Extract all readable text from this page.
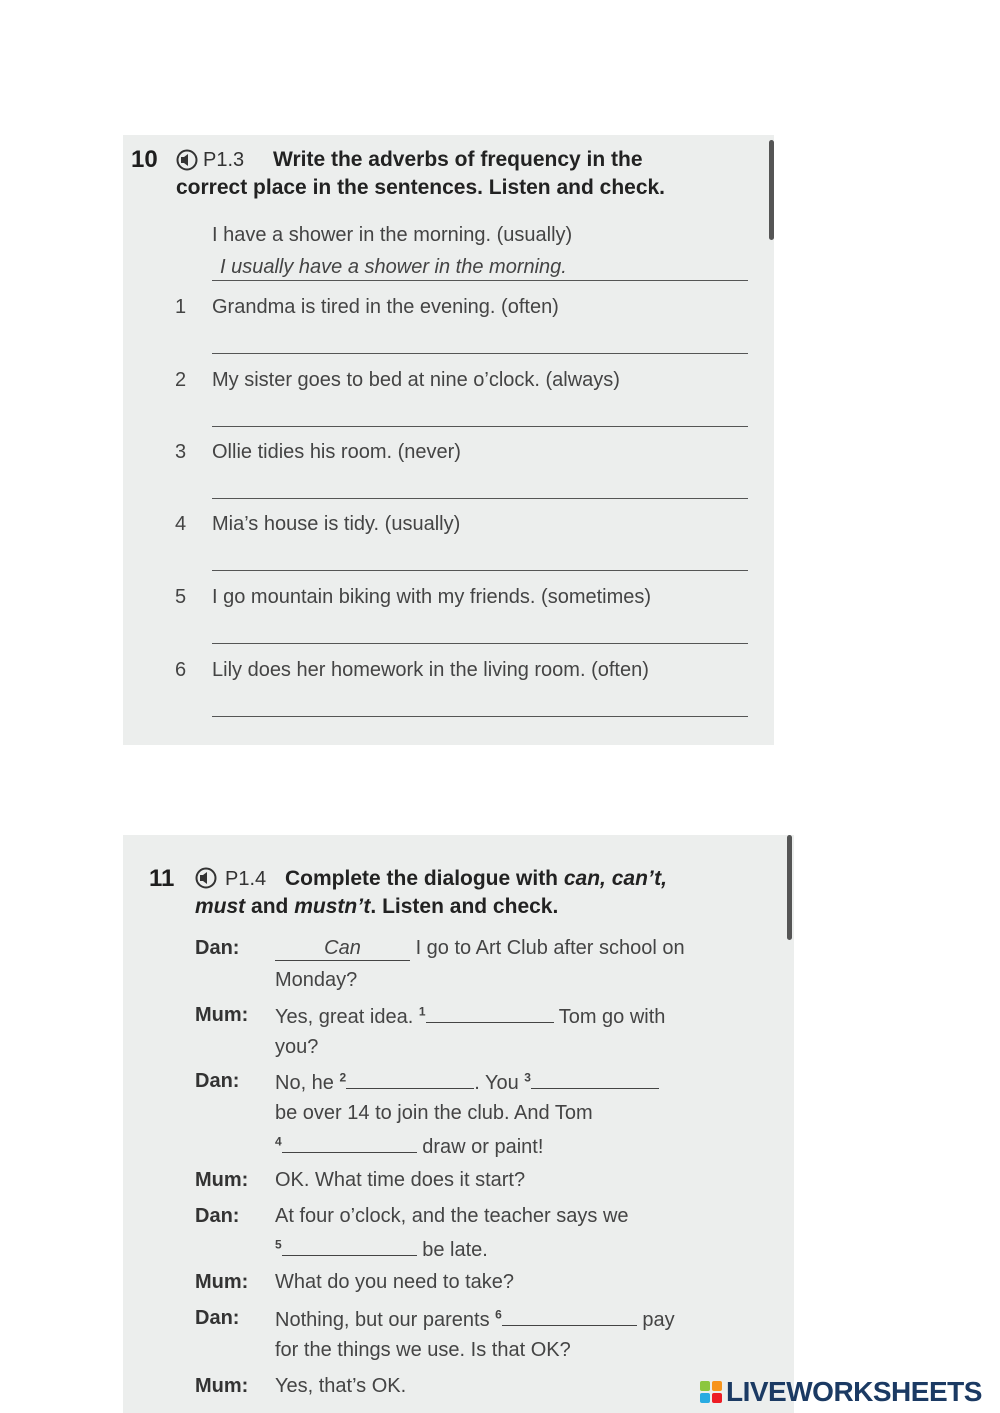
10 P1.3 Write the adverbs of frequency in the
correct place in the sentences. Listen and check.
I have a shower in the morning. (usually)
I usually have a shower in the morning.
1 Grandma is tired in the evening. (often)
2 My sister goes to bed at nine o’clock. (always)
3 Ollie tidies his room. (never)
4 Mia’s house is tidy. (usually)
5 I go mountain biking with my friends. (sometimes)
6 Lily does her homework in the living room. (often)
11	P1.4 Complete the dialogue with can, can’t,
must and mustn’t. Listen and check.
Dan:	Can	I go to Art Club after school on
Monday?
Mum: Yes, great idea. $^1$	Tom go with
you?
Dan: No, he $^2$	. You $^3$
be over 14 to join the club. And Tom
$^4$	draw or paint!
Mum: OK. What time does it start?
Dan: At four o’clock, and the teacher says we
$^5$	be late.
Mum: What do you need to take?
Dan: Nothing, but our parents $^6$	pay
for the things we use. Is that OK?
Mum: Yes, that’s OK.	LIVEWORKSHEETS
